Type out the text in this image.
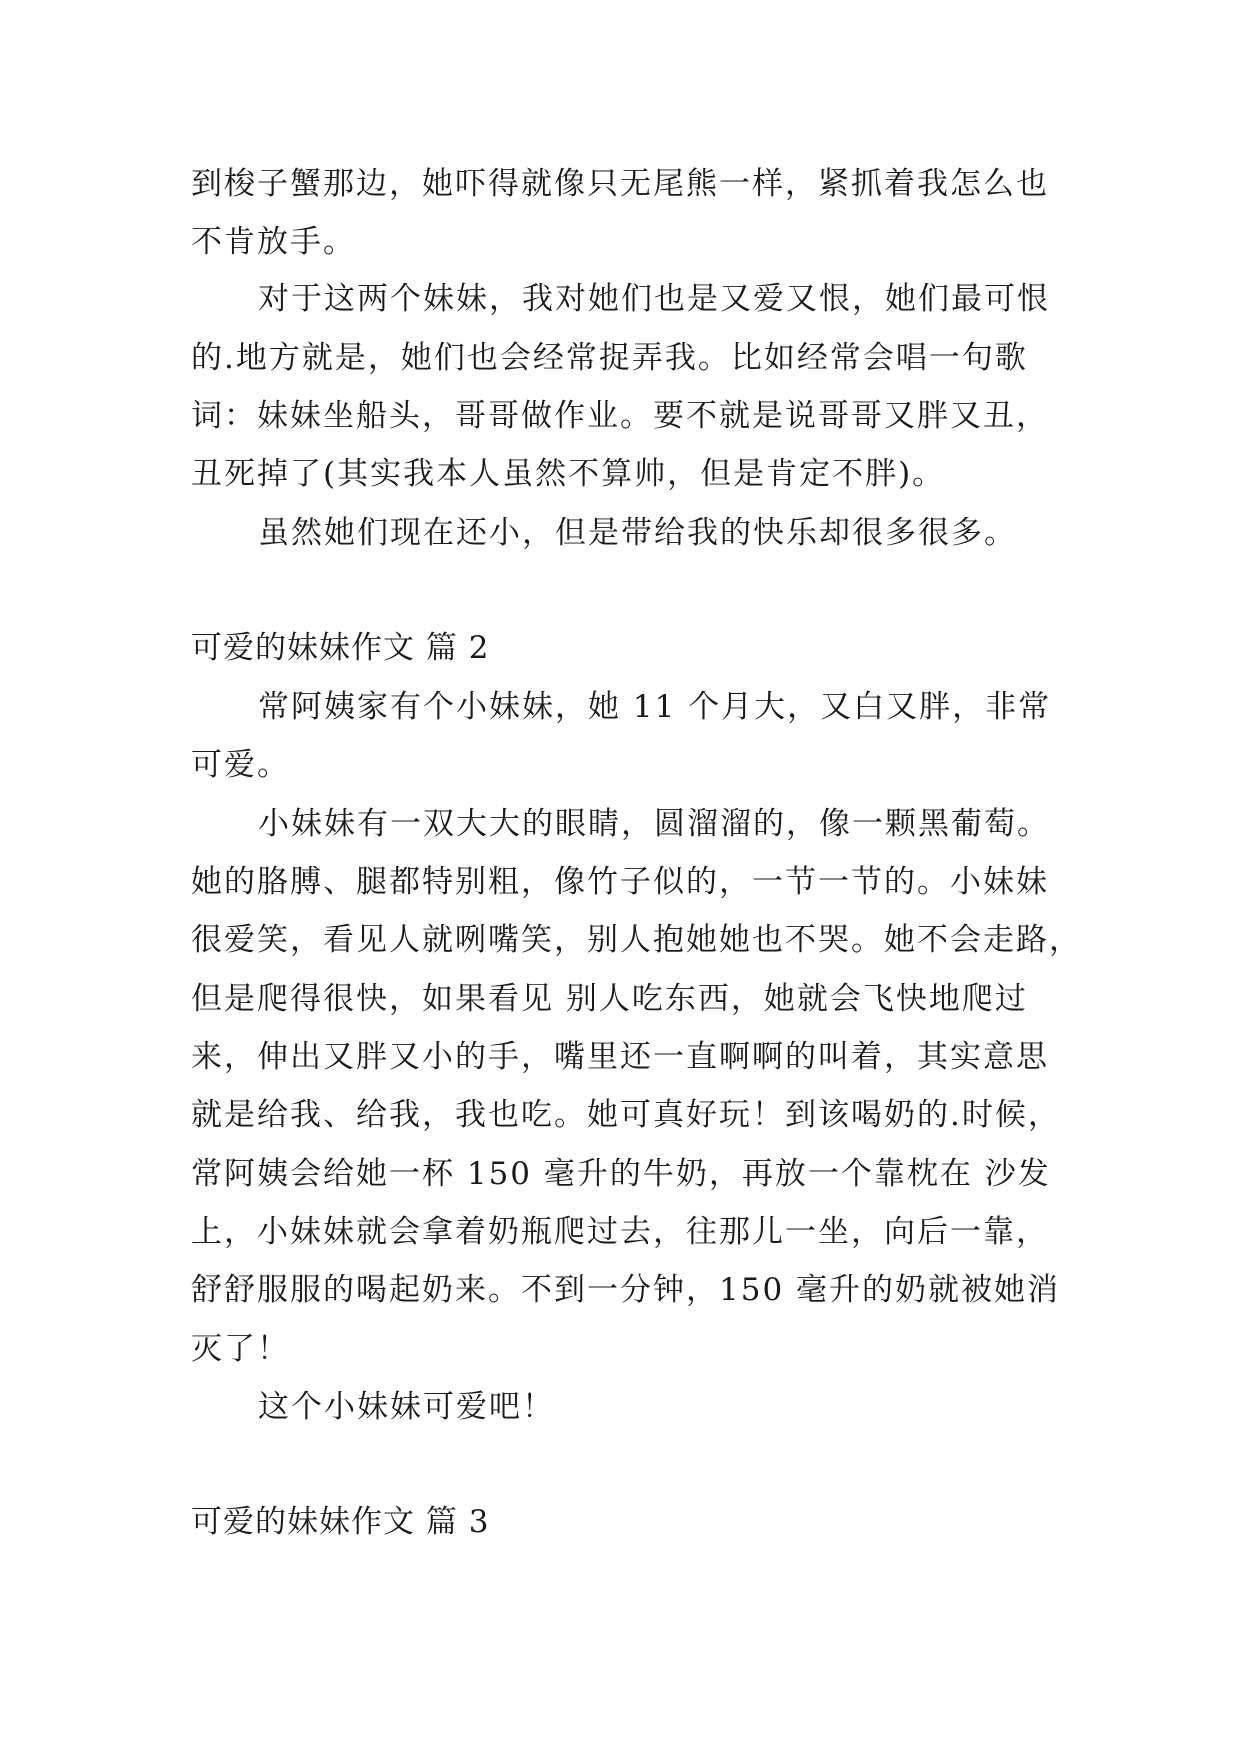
到梭子蟹那边，她吓得就像只无尾熊一样，紧抓着我怎么也
不肯放手。
对于这两个妹妹，我对她们也是又爱又恨，她们最可恨
的.地方就是，她们也会经常捉弄我。比如经常会唱一句歌
词：妹妹坐船头，哥哥做作业。要不就是说哥哥又胖又丑，
丑死掉了(其实我本人虽然不算帅，但是肯定不胖)。
虽然她们现在还小，但是带给我的快乐却很多很多。
可爱的妹妹作文 篇 2
常阿姨家有个小妹妹，她 11 个月大，又白又胖，非常
可爱。
小妹妹有一双大大的眼睛，圆溜溜的，像一颗黑葡萄。
她的胳膊、腿都特别粗，像竹子似的，一节一节的。小妹妹
很爱笑，看见人就咧嘴笑，别人抱她她也不哭。她不会走路，
但是爬得很快，如果看见 别人吃东西，她就会飞快地爬过
来，伸出又胖又小的手，嘴里还一直啊啊的叫着，其实意思
就是给我、给我，我也吃。她可真好玩！到该喝奶的.时候，
常阿姨会给她一杯 150 毫升的牛奶，再放一个靠枕在 沙发
上，小妹妹就会拿着奶瓶爬过去，往那儿一坐，向后一靠，
舒舒服服的喝起奶来。不到一分钟，150 毫升的奶就被她消
灭了！
这个小妹妹可爱吧！
可爱的妹妹作文 篇 3
